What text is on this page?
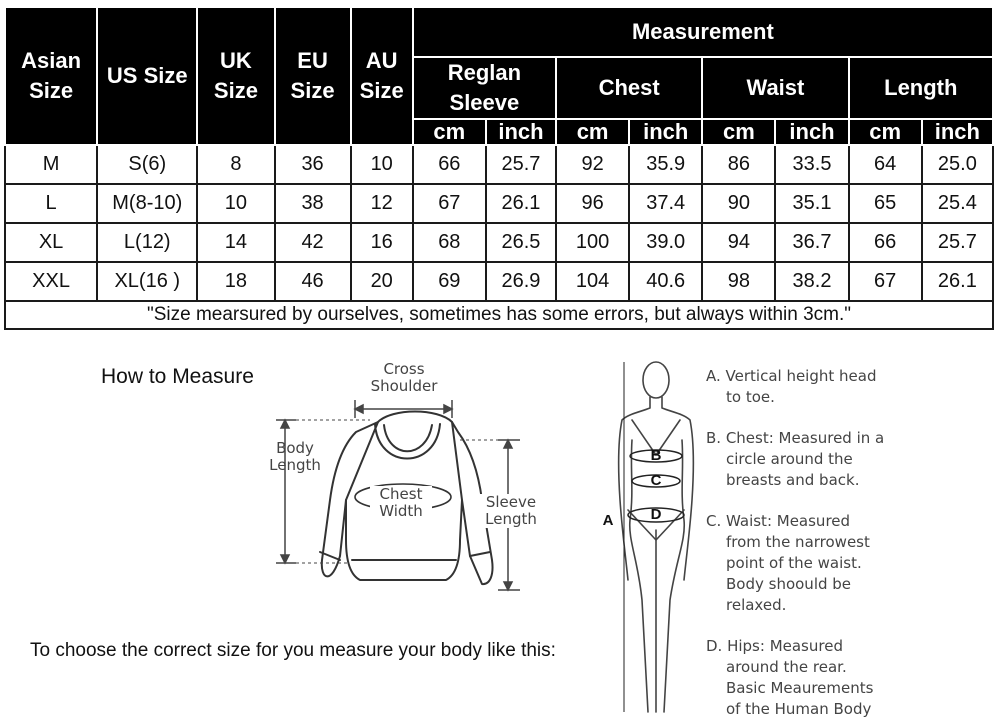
Asian Size	US Size	UK Size	EU Size	AU Size	Measurement							
					Reglan Sleeve		Chest		Waist		Length	
					cm	inch	cm	inch	cm	inch	cm	inch
M	S(6)	8	36	10	66	25.7	92	35.9	86	33.5	64	25.0
L	M(8-10)	10	38	12	67	26.1	96	37.4	90	35.1	65	25.4
XL	L(12)	14	42	16	68	26.5	100	39.0	94	36.7	66	25.7
XXL	XL(16 )	18	46	20	69	26.9	104	40.6	98	38.2	67	26.1
"Size mearsured by ourselves, sometimes has some errors, but always within 3cm."												
How to Measure
To choose the correct size for you measure your body like this:
Cross
Shoulder
Body
Length
Chest
Width	Sleeve
Length	A
B
C
D
A. Vertical height head
to toe.
B. Chest: Measured in a
circle around the
breasts and back.
C. Waist: Measured
from the narrowest
point of the waist.
Body shoould be
relaxed.
D. Hips: Measured
around the rear.
Basic Meaurements
of the Human Body
